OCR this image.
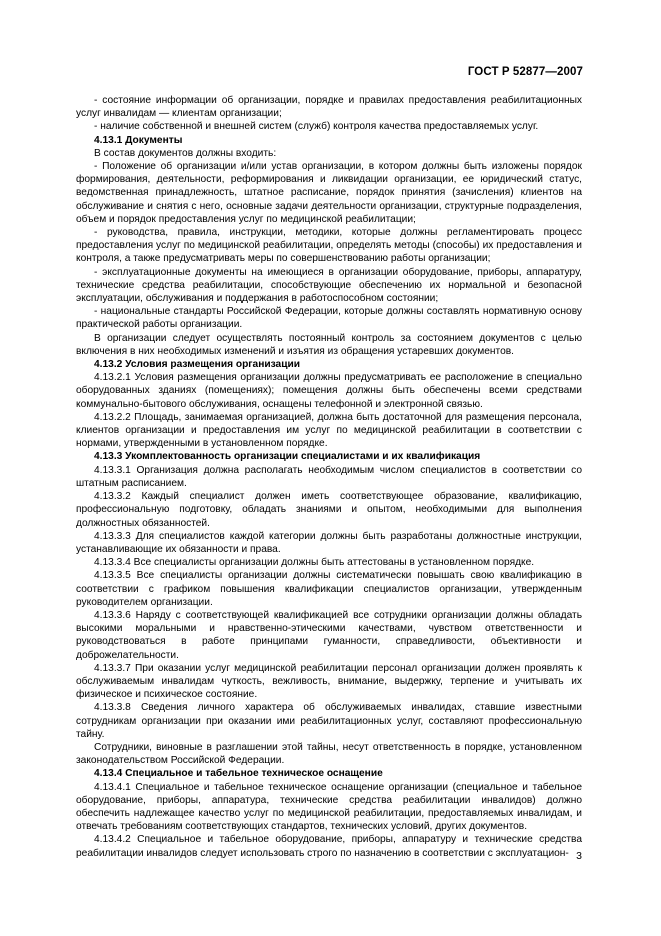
ГОСТ Р 52877—2007

- состояние информации об организации, порядке и правилах предоставления реабилитационных услуг инвалидам — клиентам организации;

- наличие собственной и внешней систем (служб) контроля качества предоставляемых услуг.

4.13.1 Документы

В состав документов должны входить:

- Положение об организации и/или устав организации, в котором должны быть изложены порядок формирования, деятельности, реформирования и ликвидации организации, ее юридический статус, ведомственная принадлежность, штатное расписание, порядок принятия (зачисления) клиентов на обслуживание и снятия с него, основные задачи деятельности организации, структурные подразделения, объем и порядок предоставления услуг по медицинской реабилитации;

- руководства, правила, инструкции, методики, которые должны регламентировать процесс предоставления услуг по медицинской реабилитации, определять методы (способы) их предоставления и контроля, а также предусматривать меры по совершенствованию работы организации;

- эксплуатационные документы на имеющиеся в организации оборудование, приборы, аппаратуру, технические средства реабилитации, способствующие обеспечению их нормальной и безопасной эксплуатации, обслуживания и поддержания в работоспособном состоянии;

- национальные стандарты Российской Федерации, которые должны составлять нормативную основу практической работы организации.

В организации следует осуществлять постоянный контроль за состоянием документов с целью включения в них необходимых изменений и изъятия из обращения устаревших документов.

4.13.2 Условия размещения организации

4.13.2.1 Условия размещения организации должны предусматривать ее расположение в специально оборудованных зданиях (помещениях); помещения должны быть обеспечены всеми средствами коммунально-бытового обслуживания, оснащены телефонной и электронной связью.

4.13.2.2 Площадь, занимаемая организацией, должна быть достаточной для размещения персонала, клиентов организации и предоставления им услуг по медицинской реабилитации в соответствии с нормами, утвержденными в установленном порядке.

4.13.3 Укомплектованность организации специалистами и их квалификация

4.13.3.1 Организация должна располагать необходимым числом специалистов в соответствии со штатным расписанием.

4.13.3.2 Каждый специалист должен иметь соответствующее образование, квалификацию, профессиональную подготовку, обладать знаниями и опытом, необходимыми для выполнения должностных обязанностей.

4.13.3.3 Для специалистов каждой категории должны быть разработаны должностные инструкции, устанавливающие их обязанности и права.

4.13.3.4 Все специалисты организации должны быть аттестованы в установленном порядке.

4.13.3.5 Все специалисты организации должны систематически повышать свою квалификацию в соответствии с графиком повышения квалификации специалистов организации, утвержденным руководителем организации.

4.13.3.6 Наряду с соответствующей квалификацией все сотрудники организации должны обладать высокими моральными и нравственно-этическими качествами, чувством ответственности и руководствоваться в работе принципами гуманности, справедливости, объективности и доброжелательности.

4.13.3.7 При оказании услуг медицинской реабилитации персонал организации должен проявлять к обслуживаемым инвалидам чуткость, вежливость, внимание, выдержку, терпение и учитывать их физическое и психическое состояние.

4.13.3.8 Сведения личного характера об обслуживаемых инвалидах, ставшие известными сотрудникам организации при оказании ими реабилитационных услуг, составляют профессиональную тайну.

Сотрудники, виновные в разглашении этой тайны, несут ответственность в порядке, установленном законодательством Российской Федерации.

4.13.4 Специальное и табельное техническое оснащение

4.13.4.1 Специальное и табельное техническое оснащение организации (специальное и табельное оборудование, приборы, аппаратура, технические средства реабилитации инвалидов) должно обеспечить надлежащее качество услуг по медицинской реабилитации, предоставляемых инвалидам, и отвечать требованиям соответствующих стандартов, технических условий, других документов.

4.13.4.2 Специальное и табельное оборудование, приборы, аппаратуру и технические средства реабилитации инвалидов следует использовать строго по назначению в соответствии с эксплуатацион- 3
